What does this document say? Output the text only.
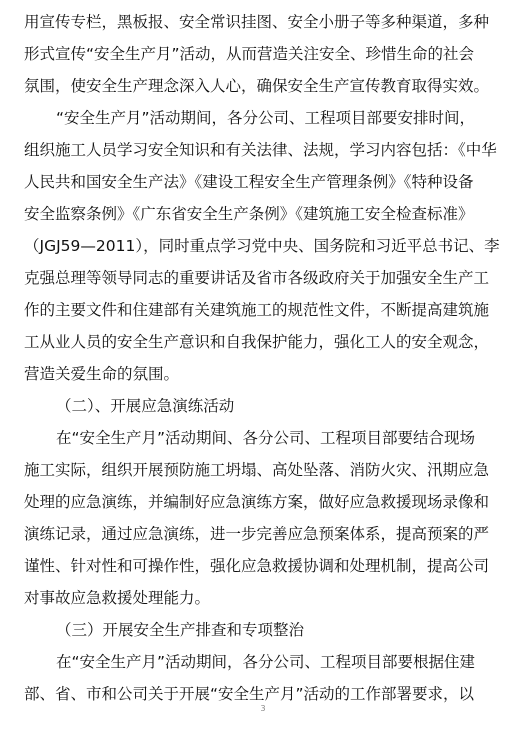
用宣传专栏，黑板报、安全常识挂图、安全小册子等多种渠道，多种
形式宣传“安全生产月”活动，从而营造关注安全、珍惜生命的社会
氛围，使安全生产理念深入人心，确保安全生产宣传教育取得实效。
“安全生产月”活动期间，各分公司、工程项目部要安排时间，
组织施工人员学习安全知识和有关法律、法规，学习内容包括：《中华
人民共和国安全生产法》《建设工程安全生产管理条例》《特种设备
安全监察条例》《广东省安全生产条例》《建筑施工安全检查标准》
（JGJ59—2011），同时重点学习党中央、国务院和习近平总书记、李
克强总理等领导同志的重要讲话及省市各级政府关于加强安全生产工
作的主要文件和住建部有关建筑施工的规范性文件，不断提高建筑施
工从业人员的安全生产意识和自我保护能力，强化工人的安全观念，
营造关爱生命的氛围。
（二）、开展应急演练活动
在“安全生产月”活动期间、各分公司、工程项目部要结合现场
施工实际，组织开展预防施工坍塌、高处坠落、消防火灾、汛期应急
处理的应急演练，并编制好应急演练方案，做好应急救援现场录像和
演练记录，通过应急演练，进一步完善应急预案体系，提高预案的严
谨性、针对性和可操作性，强化应急救援协调和处理机制，提高公司
对事故应急救援处理能力。
（三）开展安全生产排查和专项整治
在“安全生产月”活动期间，各分公司、工程项目部要根据住建
部、省、市和公司关于开展“安全生产月”活动的工作部署要求，以
3
